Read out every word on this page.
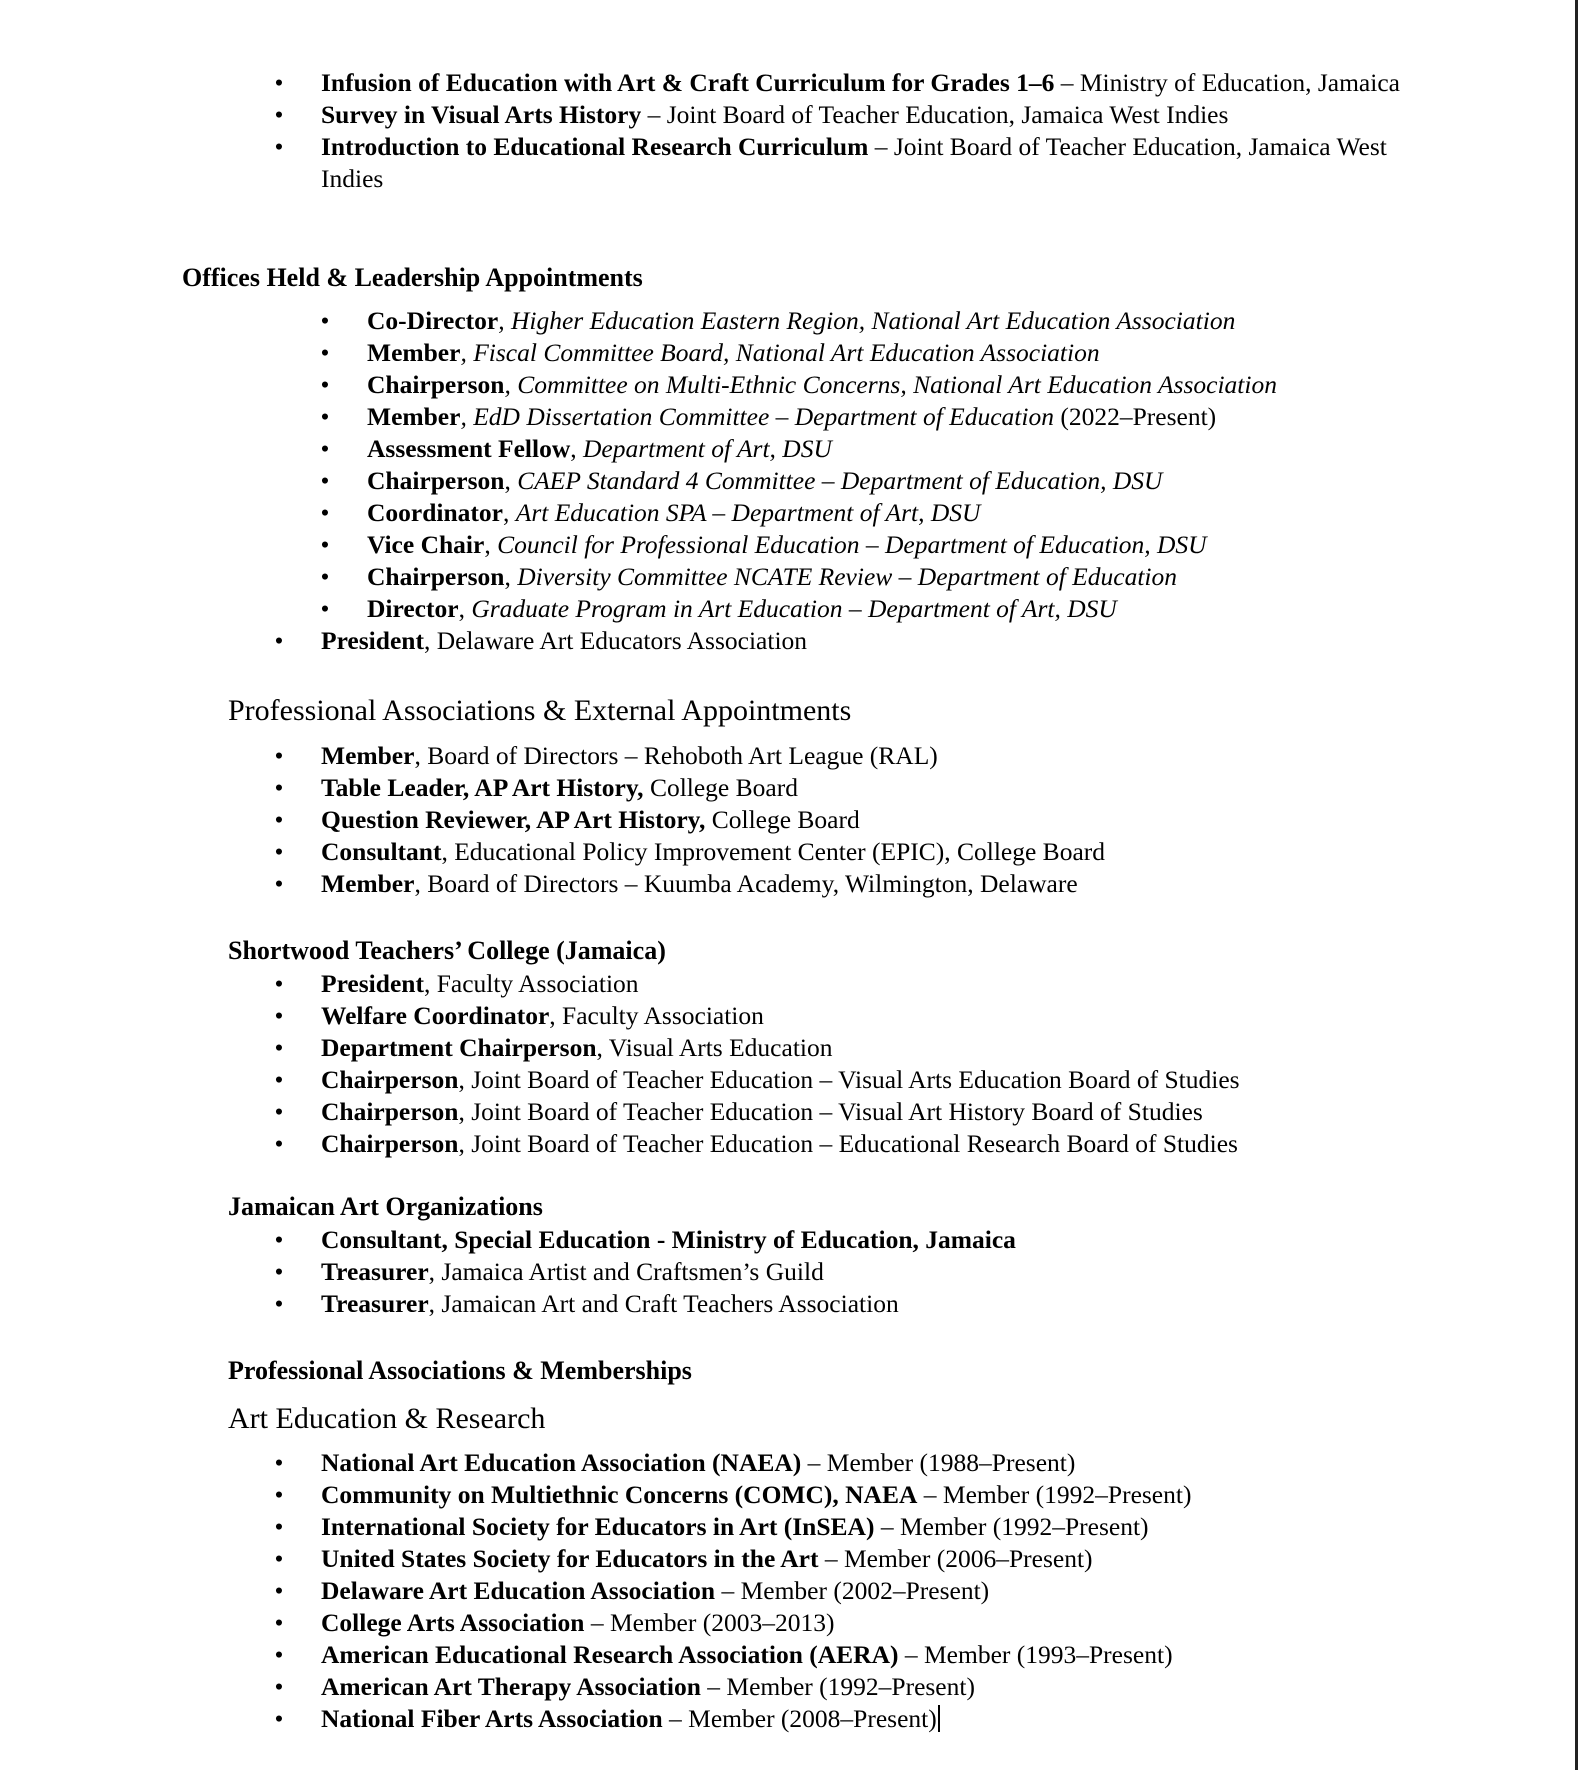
• Infusion of Education with Art & Craft Curriculum for Grades 1–6 – Ministry of Education, Jamaica
• Survey in Visual Arts History – Joint Board of Teacher Education, Jamaica West Indies
• Introduction to Educational Research Curriculum – Joint Board of Teacher Education, Jamaica West Indies
Offices Held & Leadership Appointments
• Co-Director, Higher Education Eastern Region, National Art Education Association
• Member, Fiscal Committee Board, National Art Education Association
• Chairperson, Committee on Multi-Ethnic Concerns, National Art Education Association
• Member, EdD Dissertation Committee – Department of Education (2022–Present)
• Assessment Fellow, Department of Art, DSU
• Chairperson, CAEP Standard 4 Committee – Department of Education, DSU
• Coordinator, Art Education SPA – Department of Art, DSU
• Vice Chair, Council for Professional Education – Department of Education, DSU
• Chairperson, Diversity Committee NCATE Review – Department of Education
• Director, Graduate Program in Art Education – Department of Art, DSU
• President, Delaware Art Educators Association
Professional Associations & External Appointments
• Member, Board of Directors – Rehoboth Art League (RAL)
• Table Leader, AP Art History, College Board
• Question Reviewer, AP Art History, College Board
• Consultant, Educational Policy Improvement Center (EPIC), College Board
• Member, Board of Directors – Kuumba Academy, Wilmington, Delaware
Shortwood Teachers’ College (Jamaica)
• President, Faculty Association
• Welfare Coordinator, Faculty Association
• Department Chairperson, Visual Arts Education
• Chairperson, Joint Board of Teacher Education – Visual Arts Education Board of Studies
• Chairperson, Joint Board of Teacher Education – Visual Art History Board of Studies
• Chairperson, Joint Board of Teacher Education – Educational Research Board of Studies
Jamaican Art Organizations
• Consultant, Special Education - Ministry of Education, Jamaica
• Treasurer, Jamaica Artist and Craftsmen’s Guild
• Treasurer, Jamaican Art and Craft Teachers Association
Professional Associations & Memberships
Art Education & Research
• National Art Education Association (NAEA) – Member (1988–Present)
• Community on Multiethnic Concerns (COMC), NAEA – Member (1992–Present)
• International Society for Educators in Art (InSEA) – Member (1992–Present)
• United States Society for Educators in the Art – Member (2006–Present)
• Delaware Art Education Association – Member (2002–Present)
• College Arts Association – Member (2003–2013)
• American Educational Research Association (AERA) – Member (1993–Present)
• American Art Therapy Association – Member (1992–Present)
• National Fiber Arts Association – Member (2008–Present)
